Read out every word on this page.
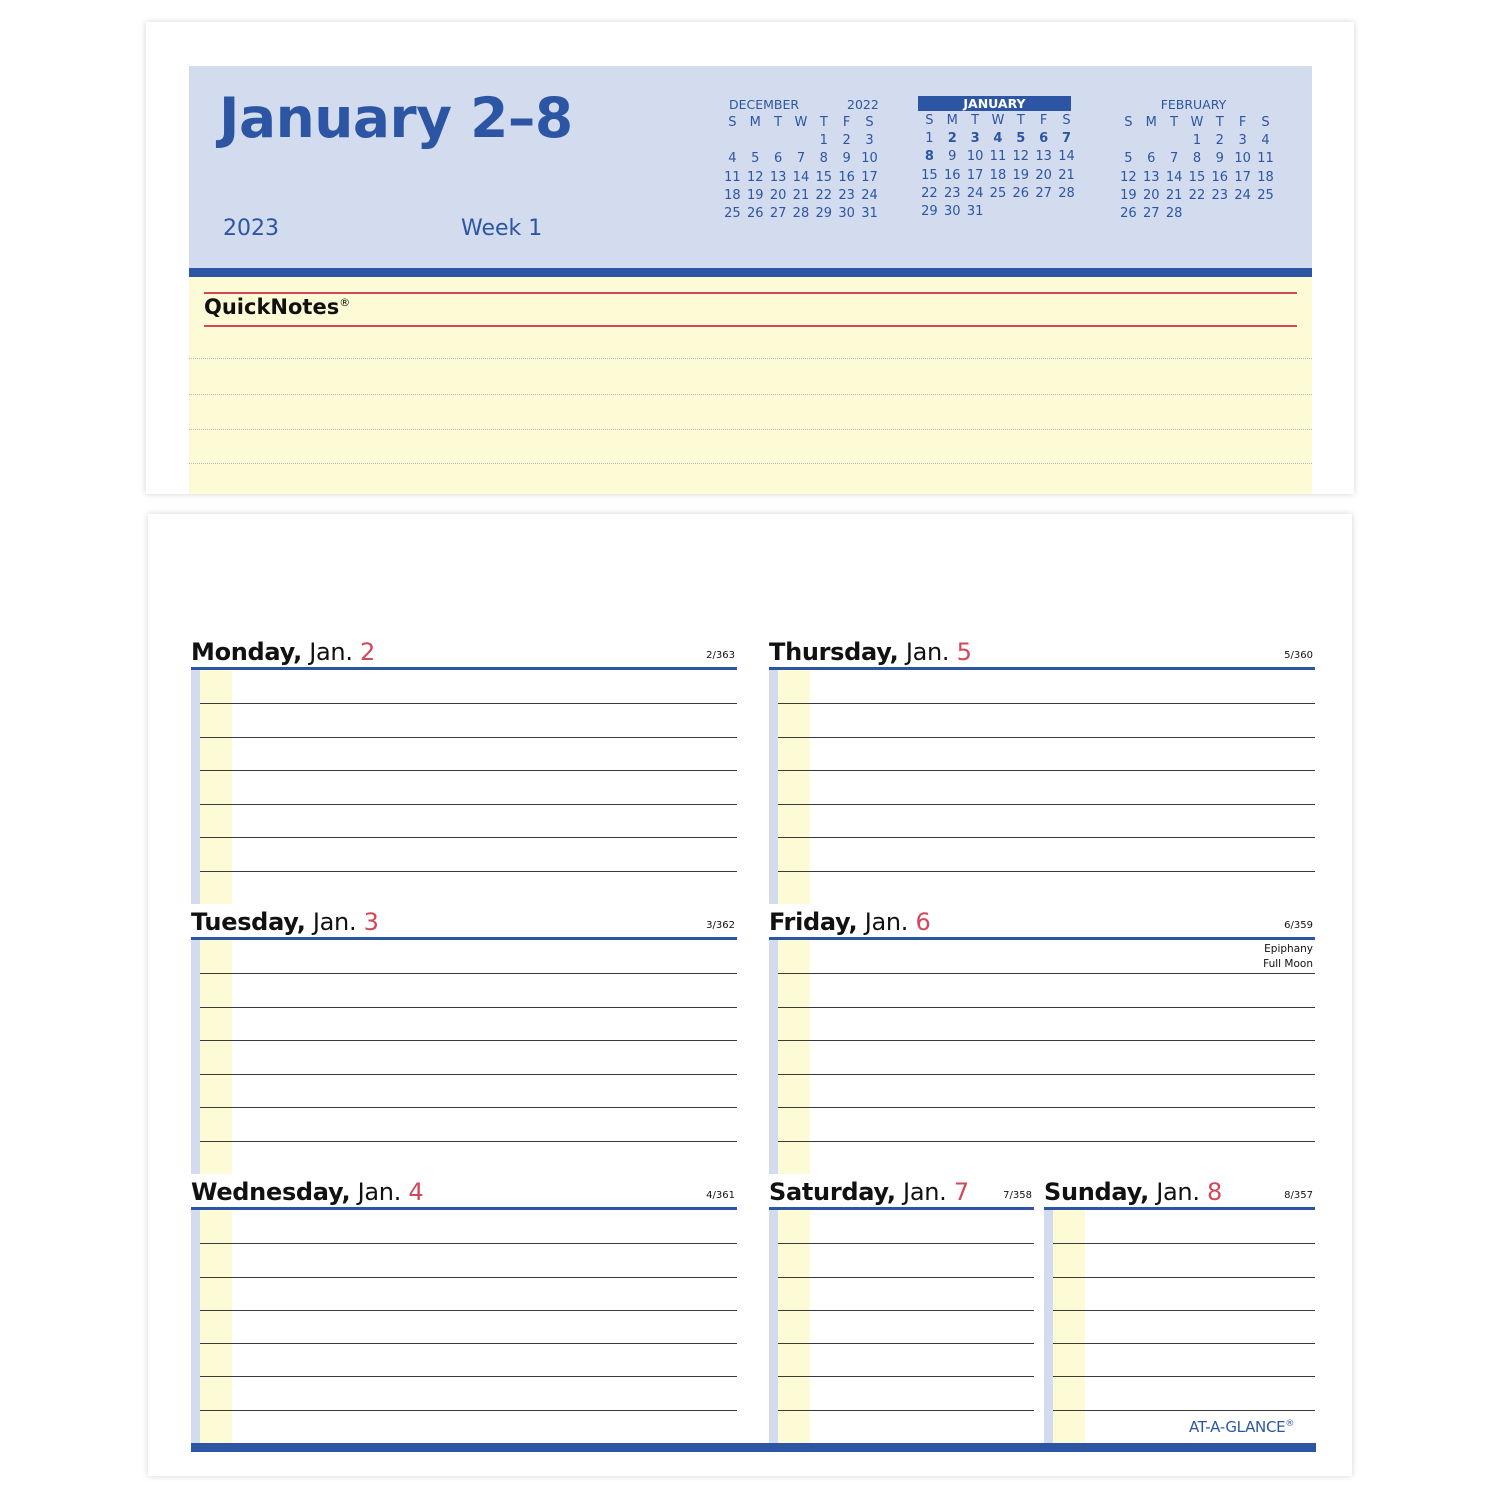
January 2–8
2023	Week 1
DECEMBER	2022
S	M	T	W	T	F	S
				1	2	3
4	5	6	7	8	9	10
11	12	13	14	15	16	17
18	19	20	21	22	23	24
25	26	27	28	29	30	31
JANUARY
S	M	T	W	T	F	S
1	2	3	4	5	6	7
8	9	10	11	12	13	14
15	16	17	18	19	20	21
22	23	24	25	26	27	28
29	30	31				
FEBRUARY
S	M	T	W	T	F	S
			1	2	3	4
5	6	7	8	9	10	11
12	13	14	15	16	17	18
19	20	21	22	23	24	25
26	27	28				
QuickNotes®
Monday, Jan. 2	2/363
Tuesday, Jan. 3	3/362
Wednesday, Jan. 4	4/361
Thursday, Jan. 5	5/360
Friday, Jan. 6	6/359
Epiphany
Full Moon
Saturday, Jan. 7	7/358 Sunday, Jan. 8	8/357
AT-A-GLANCE®
